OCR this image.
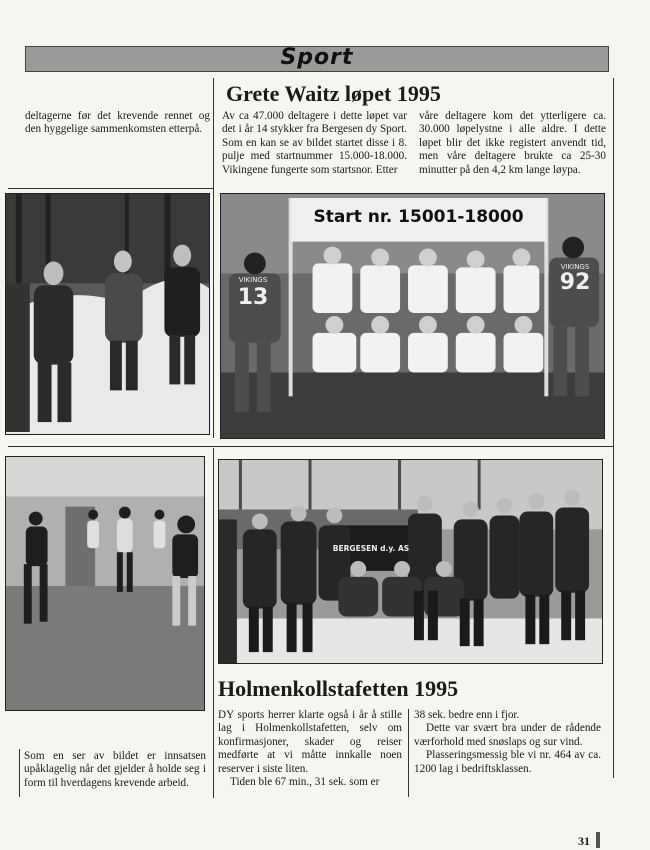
Sport
deltagerne før det krevende rennet og den hyggelige sammenkomsten etterpå.
Grete Waitz løpet 1995
Av ca 47.000 deltagere i dette løpet var det i år 14 stykker fra Bergesen dy Sport. Som en kan se av bildet startet disse i 8. pulje med startnummer 15.000-18.000. Vikingene fungerte som startsnor. Etter
våre deltagere kom det ytterligere ca. 30.000 løpelystne i alle aldre. I dette løpet blir det ikke registert anvendt tid, men våre deltagere brukte ca 25-30 minutter på den 4,2 km lange løypa.
Start nr. 15001-18000
VIKINGS
13
VIKINGS
92
BERGESEN d.y. AS
Holmenkollstafetten 1995

DY sports herrer klarte også i år å stille lag i Holmenkollstafetten, selv om konfirmasjoner, skader og reiser medførte at vi måtte innkalle noen reserver i siste liten.

Tiden ble 67 min., 31 sek. som er

38 sek. bedre enn i fjor.

Dette var svært bra under de rådende værforhold med snøslaps og sur vind.

Plasseringsmessig ble vi nr. 464 av ca. 1200 lag i bedriftsklassen.

Som en ser av bildet er innsatsen upåklagelig når det gjelder å holde seg i form til hverdagens krevende arbeid.
31
